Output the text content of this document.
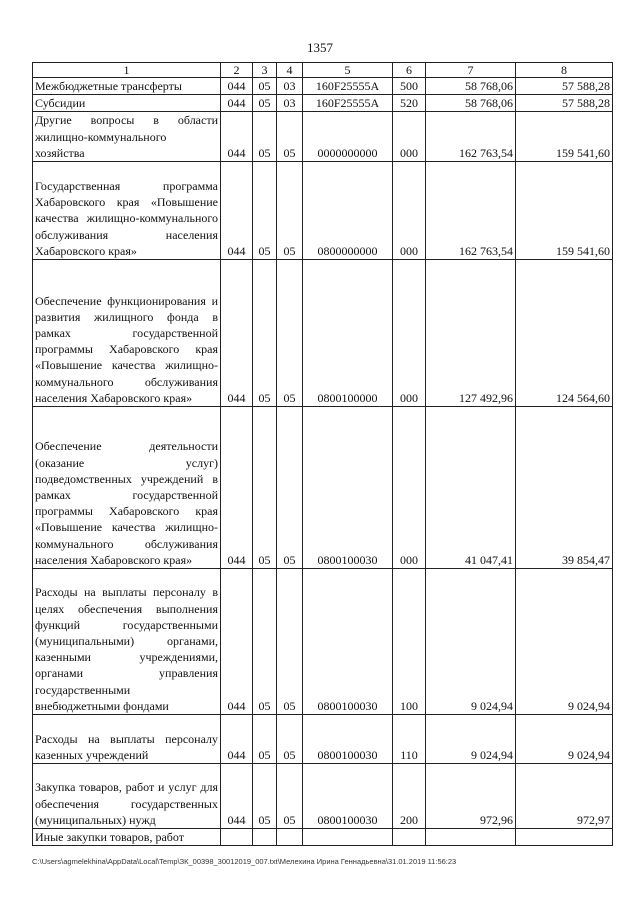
1357
1	2	3	4	5	6	7	8
Межбюджетные трансферты	044	05	03	160F25555А	500	58 768,06	57 588,28
Субсидии	044	05	03	160F25555А	520	58 768,06	57 588,28
Другие вопросы в области жилищно-коммунального хозяйства	044	05	05	0000000000	000	162 763,54	159 541,60
Государственная программа Хабаровского края «Повышение качества жилищно-коммунального обслуживания населения Хабаровского края»	044	05	05	0800000000	000	162 763,54	159 541,60
Обеспечение функционирования и развития жилищного фонда в рамках государственной программы Хабаровского края «Повышение качества жилищно-коммунального обслуживания населения Хабаровского края»	044	05	05	0800100000	000	127 492,96	124 564,60
Обеспечение деятельности (оказание услуг) подведомственных учреждений в рамках государственной программы Хабаровского края «Повышение качества жилищно-коммунального обслуживания населения Хабаровского края»	044	05	05	0800100030	000	41 047,41	39 854,47
Расходы на выплаты персоналу в целях обеспечения выполнения функций государственными (муниципальными) органами, казенными учреждениями, органами управления государственными внебюджетными фондами	044	05	05	0800100030	100	9 024,94	9 024,94
Расходы на выплаты персоналу казенных учреждений	044	05	05	0800100030	110	9 024,94	9 024,94
Закупка товаров, работ и услуг для обеспечения государственных (муниципальных) нужд	044	05	05	0800100030	200	972,96	972,97
Иные закупки товаров, работ							
C:\Users\agmelekhina\AppData\Local\Temp\ЗК_00398_30012019_007.txt\Мелехина Ирина Геннадьевна\31.01.2019 11:56:23
